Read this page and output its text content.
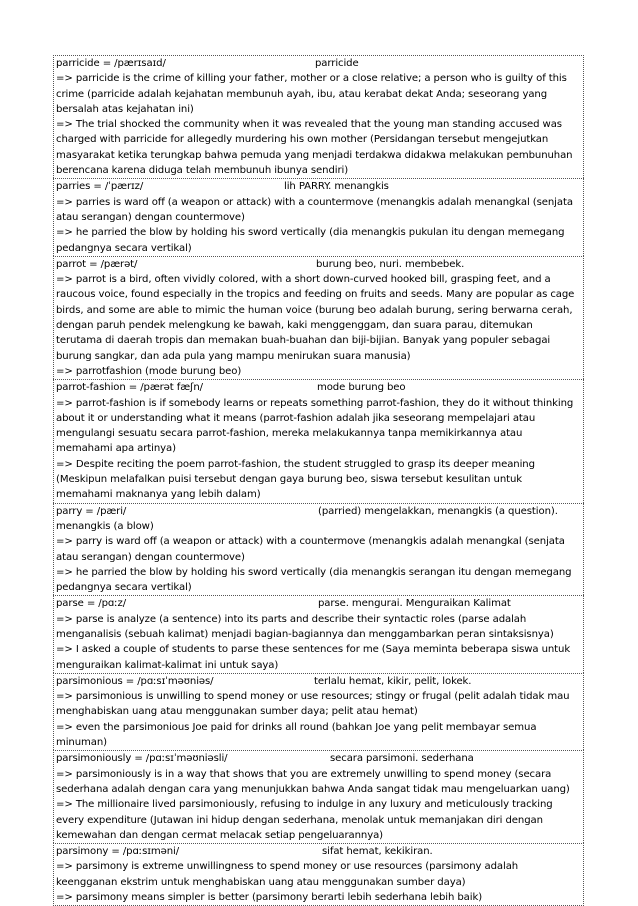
parricide = /pærɪsaɪd/	parricide
=> parricide is the crime of killing your father, mother or a close relative; a person who is guilty of this crime (parricide adalah kejahatan membunuh ayah, ibu, atau kerabat dekat Anda; seseorang yang bersalah atas kejahatan ini)
=> The trial shocked the community when it was revealed that the young man standing accused was charged with parricide for allegedly murdering his own mother (Persidangan tersebut mengejutkan masyarakat ketika terungkap bahwa pemuda yang menjadi terdakwa didakwa melakukan pembunuhan berencana karena diduga telah membunuh ibunya sendiri)
parries = /ˈpærɪz/	lih PARRY. menangkis
=> parries is ward off (a weapon or attack) with a countermove (menangkis adalah menangkal (senjata atau serangan) dengan countermove)
=> he parried the blow by holding his sword vertically (dia menangkis pukulan itu dengan memegang pedangnya secara vertikal)
parrot = /pærət/	burung beo, nuri. membebek.
=> parrot is a bird, often vividly colored, with a short down-curved hooked bill, grasping feet, and a raucous voice, found especially in the tropics and feeding on fruits and seeds. Many are popular as cage birds, and some are able to mimic the human voice (burung beo adalah burung, sering berwarna cerah, dengan paruh pendek melengkung ke bawah, kaki menggenggam, dan suara parau, ditemukan terutama di daerah tropis dan memakan buah-buahan dan biji-bijian. Banyak yang populer sebagai burung sangkar, dan ada pula yang mampu menirukan suara manusia)
=> parrotfashion (mode burung beo)
parrot-fashion = /pærət fæʃn/	mode burung beo
=> parrot-fashion is if somebody learns or repeats something parrot-fashion, they do it without thinking about it or understanding what it means (parrot-fashion adalah jika seseorang mempelajari atau mengulangi sesuatu secara parrot-fashion, mereka melakukannya tanpa memikirkannya atau memahami apa artinya)
=> Despite reciting the poem parrot-fashion, the student struggled to grasp its deeper meaning (Meskipun melafalkan puisi tersebut dengan gaya burung beo, siswa tersebut kesulitan untuk memahami maknanya yang lebih dalam)
parry = /pæri/	(parried) mengelakkan, menangkis (a question).
menangkis (a blow)
=> parry is ward off (a weapon or attack) with a countermove (menangkis adalah menangkal (senjata atau serangan) dengan countermove)
=> he parried the blow by holding his sword vertically (dia menangkis serangan itu dengan memegang pedangnya secara vertikal)
parse = /pɑːz/	parse. mengurai. Menguraikan Kalimat
=> parse is analyze (a sentence) into its parts and describe their syntactic roles (parse adalah menganalisis (sebuah kalimat) menjadi bagian-bagiannya dan menggambarkan peran sintaksisnya)
=> I asked a couple of students to parse these sentences for me (Saya meminta beberapa siswa untuk menguraikan kalimat-kalimat ini untuk saya)
parsimonious = /pɑːsɪˈməʊniəs/	terlalu hemat, kikir, pelit, lokek.
=> parsimonious is unwilling to spend money or use resources; stingy or frugal (pelit adalah tidak mau menghabiskan uang atau menggunakan sumber daya; pelit atau hemat)
=> even the parsimonious Joe paid for drinks all round (bahkan Joe yang pelit membayar semua minuman)
parsimoniously = /pɑːsɪˈməʊniəsli/	secara parsimoni. sederhana
=> parsimoniously is in a way that shows that you are extremely unwilling to spend money (secara sederhana adalah dengan cara yang menunjukkan bahwa Anda sangat tidak mau mengeluarkan uang)
=> The millionaire lived parsimoniously, refusing to indulge in any luxury and meticulously tracking every expenditure (Jutawan ini hidup dengan sederhana, menolak untuk memanjakan diri dengan kemewahan dan dengan cermat melacak setiap pengeluarannya)
parsimony = /pɑːsɪməni/	sifat hemat, kekikiran.
=> parsimony is extreme unwillingness to spend money or use resources (parsimony adalah keengganan ekstrim untuk menghabiskan uang atau menggunakan sumber daya)
=> parsimony means simpler is better (parsimony berarti lebih sederhana lebih baik)
